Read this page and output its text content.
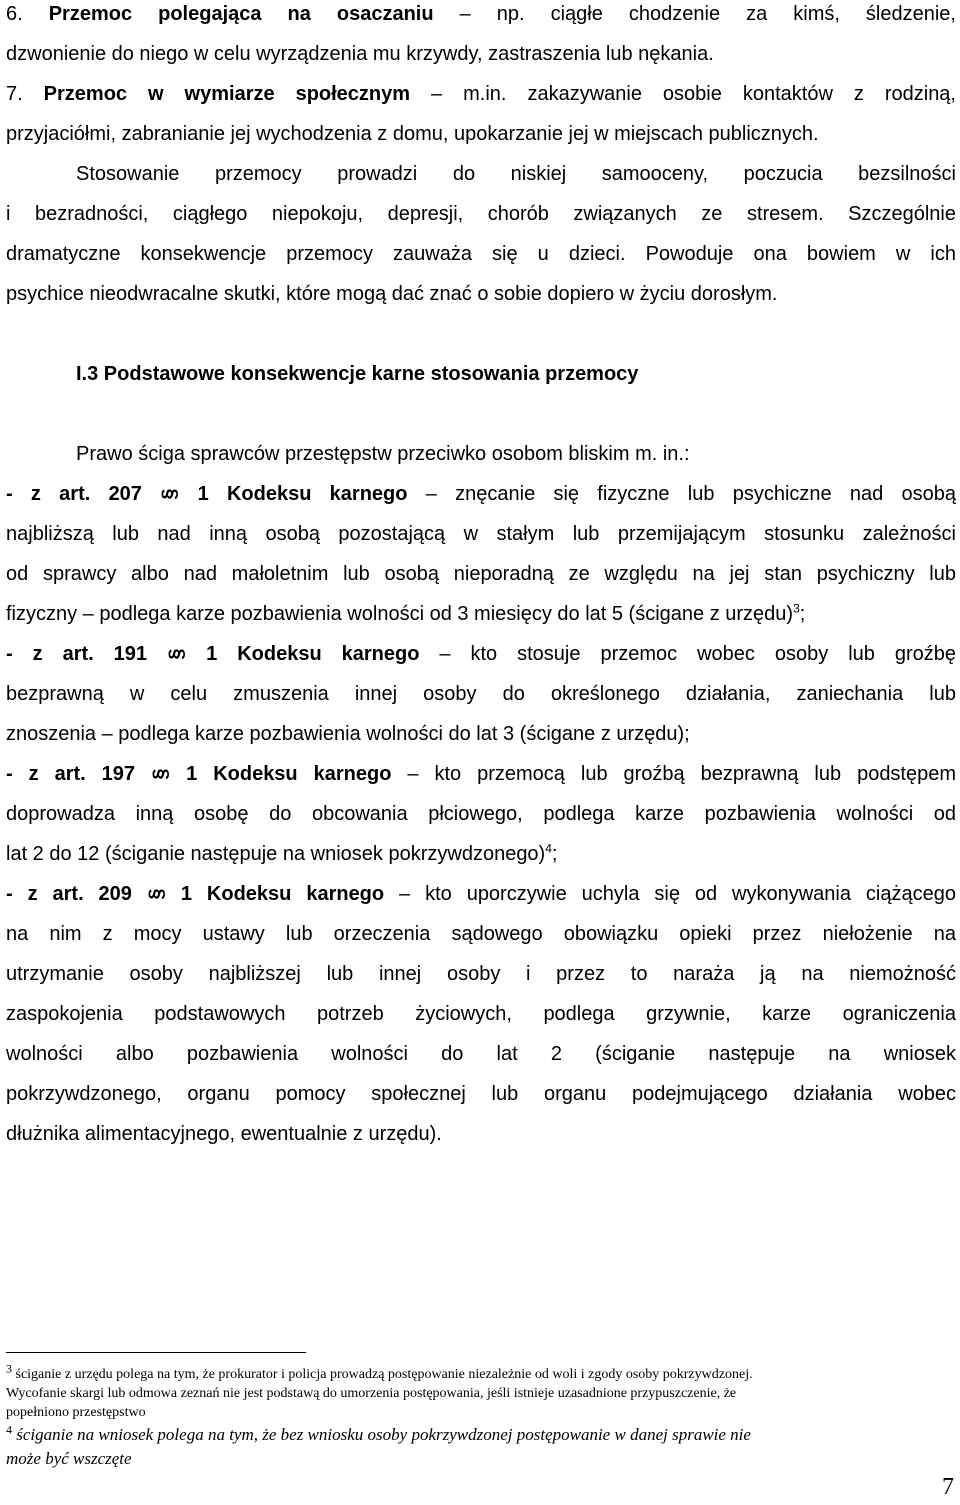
6. Przemoc polegająca na osaczaniu – np. ciągłe chodzenie za kimś, śledzenie,
dzwonienie do niego w celu wyrządzenia mu krzywdy, zastraszenia lub nękania.
7. Przemoc w wymiarze społecznym – m.in. zakazywanie osobie kontaktów z rodziną,
przyjaciółmi, zabranianie jej wychodzenia z domu, upokarzanie jej w miejscach publicznych.
Stosowanie przemocy prowadzi do niskiej samooceny, poczucia bezsilności
i bezradności, ciągłego niepokoju, depresji, chorób związanych ze stresem. Szczególnie
dramatyczne konsekwencje przemocy zauważa się u dzieci. Powoduje ona bowiem w ich
psychice nieodwracalne skutki, które mogą dać znać o sobie dopiero w życiu dorosłym.
I.3 Podstawowe konsekwencje karne stosowania przemocy
Prawo ściga sprawców przestępstw przeciwko osobom bliskim m. in.:
- z art. 207 § 1 Kodeksu karnego – znęcanie się fizyczne lub psychiczne nad osobą
najbliższą lub nad inną osobą pozostającą w stałym lub przemijającym stosunku zależności
od sprawcy albo nad małoletnim lub osobą nieporadną ze względu na jej stan psychiczny lub
fizyczny – podlega karze pozbawienia wolności od 3 miesięcy do lat 5 (ścigane z urzędu)$^3$;
- z art. 191 § 1 Kodeksu karnego – kto stosuje przemoc wobec osoby lub groźbę
bezprawną w celu zmuszenia innej osoby do określonego działania, zaniechania lub
znoszenia – podlega karze pozbawienia wolności do lat 3 (ścigane z urzędu);
- z art. 197 § 1 Kodeksu karnego – kto przemocą lub groźbą bezprawną lub podstępem
doprowadza inną osobę do obcowania płciowego, podlega karze pozbawienia wolności od
lat 2 do 12 (ściganie następuje na wniosek pokrzywdzonego)$^4$;
- z art. 209 § 1 Kodeksu karnego – kto uporczywie uchyla się od wykonywania ciążącego
na nim z mocy ustawy lub orzeczenia sądowego obowiązku opieki przez niełożenie na
utrzymanie osoby najbliższej lub innej osoby i przez to naraża ją na niemożność
zaspokojenia podstawowych potrzeb życiowych, podlega grzywnie, karze ograniczenia
wolności albo pozbawienia wolności do lat 2 (ściganie następuje na wniosek
pokrzywdzonego, organu pomocy społecznej lub organu podejmującego działania wobec
dłużnika alimentacyjnego, ewentualnie z urzędu).
$^3$ ściganie z urzędu polega na tym, że prokurator i policja prowadzą postępowanie niezależnie od woli i zgody osoby pokrzywdzonej.
Wycofanie skargi lub odmowa zeznań nie jest podstawą do umorzenia postępowania, jeśli istnieje uzasadnione przypuszczenie, że
popełniono przestępstwo
$^4$ ściganie na wniosek polega na tym, że bez wniosku osoby pokrzywdzonej postępowanie w danej sprawie nie
może być wszczęte
7
